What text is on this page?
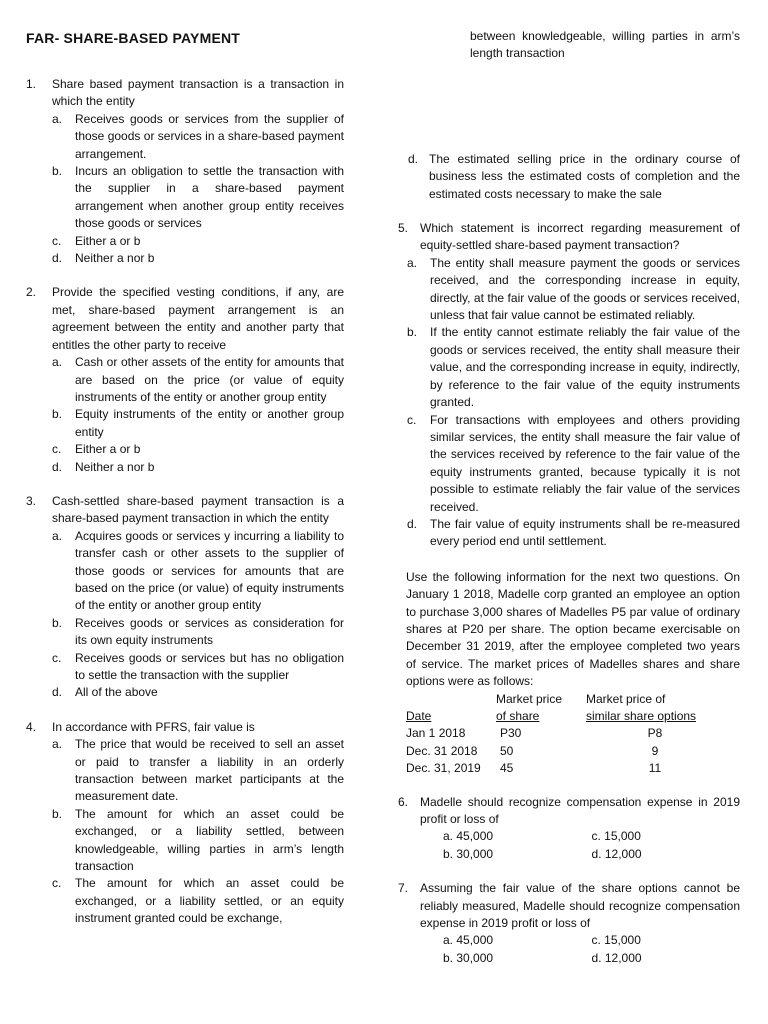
FAR- SHARE-BASED PAYMENT
1. Share based payment transaction is a transaction in which the entity
a. Receives goods or services from the supplier of those goods or services in a share-based payment arrangement.
b. Incurs an obligation to settle the transaction with the supplier in a share-based payment arrangement when another group entity receives those goods or services
c. Either a or b
d. Neither a nor b
2. Provide the specified vesting conditions, if any, are met, share-based payment arrangement is an agreement between the entity and another party that entitles the other party to receive
a. Cash or other assets of the entity for amounts that are based on the price (or value of equity instruments of the entity or another group entity
b. Equity instruments of the entity or another group entity
c. Either a or b
d. Neither a nor b
3. Cash-settled share-based payment transaction is a share-based payment transaction in which the entity
a. Acquires goods or services y incurring a liability to transfer cash or other assets to the supplier of those goods or services for amounts that are based on the price (or value) of equity instruments of the entity or another group entity
b. Receives goods or services as consideration for its own equity instruments
c. Receives goods or services but has no obligation to settle the transaction with the supplier
d. All of the above
4. In accordance with PFRS, fair value is
a. The price that would be received to sell an asset or paid to transfer a liability in an orderly transaction between market participants at the measurement date.
b. The amount for which an asset could be exchanged, or a liability settled, between knowledgeable, willing parties in arm’s length transaction
c. The amount for which an asset could be exchanged, or a liability settled, or an equity instrument granted could be exchange,
between knowledgeable, willing parties in arm’s length transaction
d. The estimated selling price in the ordinary course of business less the estimated costs of completion and the estimated costs necessary to make the sale
5. Which statement is incorrect regarding measurement of equity-settled share-based payment transaction?
a. The entity shall measure payment the goods or services received, and the corresponding increase in equity, directly, at the fair value of the goods or services received, unless that fair value cannot be estimated reliably.
b. If the entity cannot estimate reliably the fair value of the goods or services received, the entity shall measure their value, and the corresponding increase in equity, indirectly, by reference to the fair value of the equity instruments granted.
c. For transactions with employees and others providing similar services, the entity shall measure the fair value of the services received by reference to the fair value of the equity instruments granted, because typically it is not possible to estimate reliably the fair value of the services received.
d. The fair value of equity instruments shall be re-measured every period end until settlement.
Use the following information for the next two questions. On January 1 2018, Madelle corp granted an employee an option to purchase 3,000 shares of Madelles P5 par value of ordinary shares at P20 per share. The option became exercisable on December 31 2019, after the employee completed two years of service. The market prices of Madelles shares and share options were as follows:
	Market price	Market price of
Date	of share	similar share options
Jan 1 2018	P30	P8
Dec. 31 2018	50	9
Dec. 31, 2019	45	11
6. Madelle should recognize compensation expense in 2019 profit or loss of
a. 45,000	c. 15,000
b. 30,000	d. 12,000
7. Assuming the fair value of the share options cannot be reliably measured, Madelle should recognize compensation expense in 2019 profit or loss of
a. 45,000	c. 15,000
b. 30,000	d. 12,000
